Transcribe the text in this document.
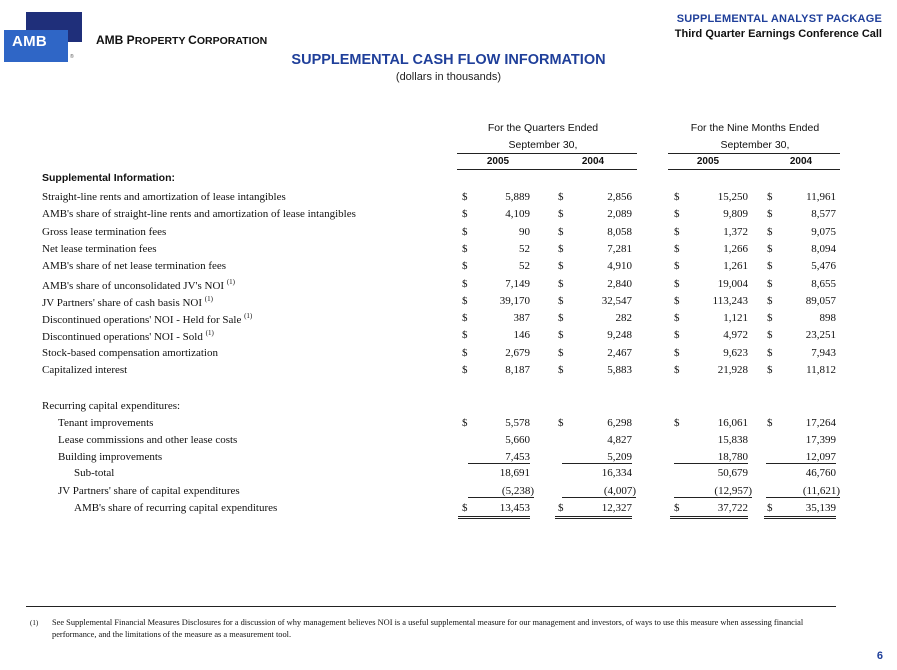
AMB
®
AMB PROPERTY CORPORATION
SUPPLEMENTAL ANALYST PACKAGE
Third Quarter Earnings Conference Call
SUPPLEMENTAL CASH FLOW INFORMATION
(dollars in thousands)
For the Quarters Ended
September 30,
For the Nine Months Ended
September 30,
2005	2004	2005	2004
Supplemental Information:
Straight-line rents and amortization of lease intangibles	$	5,889	$	2,856	$	15,250 $	11,961
AMB's share of straight-line rents and amortization of lease intangibles	$	4,109	$	2,089	$	9,809 $	8,577
Gross lease termination fees	$	90	$	8,058	$	1,372 $	9,075
Net lease termination fees	$	52	$	7,281	$	1,266 $	8,094
AMB's share of net lease termination fees	$	52	$	4,910	$	1,261 $	5,476
AMB's share of unconsolidated JV's NOI $^{(1)}$	$	7,149	$	2,840	$	19,004 $	8,655
JV Partners' share of cash basis NOI $^{(1)}$	$	39,170	$	32,547	$	113,243 $	89,057
Discontinued operations' NOI - Held for Sale $^{(1)}$	$	387	$	282	$	1,121 $	898
Discontinued operations' NOI - Sold $^{(1)}$	$	146	$	9,248	$	4,972 $	23,251
Stock-based compensation amortization	$	2,679	$	2,467	$	9,623 $	7,943
Capitalized interest	$	8,187	$	5,883	$	21,928 $	11,812
Recurring capital expenditures:
Tenant improvements	$	5,578	$	6,298	$	16,061 $	17,264
Lease commissions and other lease costs	5,660	4,827	15,838	17,399
Building improvements	7,453	5,209	18,780	12,097
Sub-total	18,691	16,334	50,679	46,760
JV Partners' share of capital expenditures	(5,238)	(4,007)	(12,957)	(11,621)
AMB's share of recurring capital expenditures	$	13,453	$	12,327	$	37,722 $	35,139
(1) See Supplemental Financial Measures Disclosures for a discussion of why management believes NOI is a useful supplemental measure for our management and investors, of ways to use this measure when assessing financial performance, and the limitations of the measure as a measurement tool.
6
